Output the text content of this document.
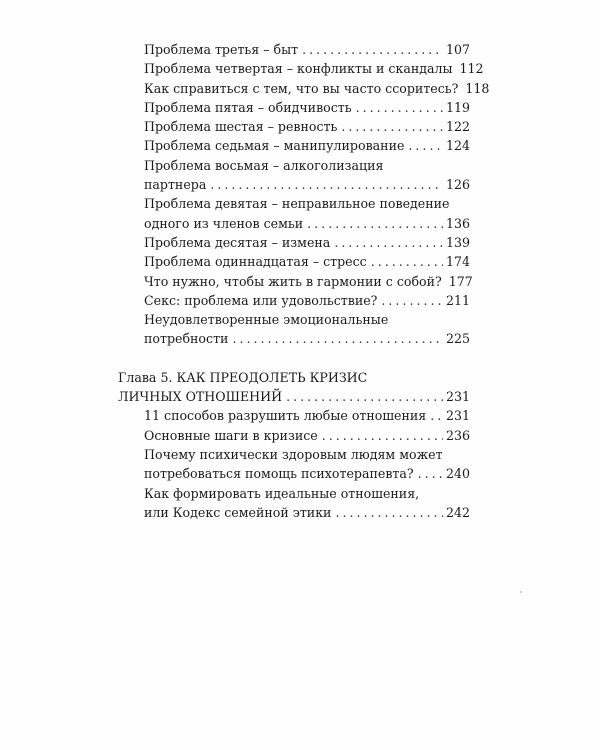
Проблема третья – быт . . .	107
Проблема четвертая – конфликты и скандалы 112
Как справиться с тем, что вы часто ссоритесь? 118
Проблема пятая – обидчивость . . .	119
Проблема шестая – ревность . . .	122
Проблема седьмая – манипулирование . . .	124
Проблема восьмая – алкоголизация
партнера . . .	126
Проблема девятая – неправильное поведение
одного из членов семьи . . .	136
Проблема десятая – измена . . .	139
Проблема одиннадцатая – стресс . . .	174
Что нужно, чтобы жить в гармонии с собой? 177
Секс: проблема или удовольствие? . . .	211
Неудовлетворенные эмоциональные
потребности . . .	225
Глава 5. КАК ПРЕОДОЛЕТЬ КРИЗИС
ЛИЧНЫХ ОТНОШЕНИЙ . . .	231
11 способов разрушить любые отношения . . . 231
Основные шаги в кризисе . . .	236
Почему психически здоровым людям может
потребоваться помощь психотерапевта? . . .	240
Как формировать идеальные отношения,
или Кодекс семейной этики . . .	242
